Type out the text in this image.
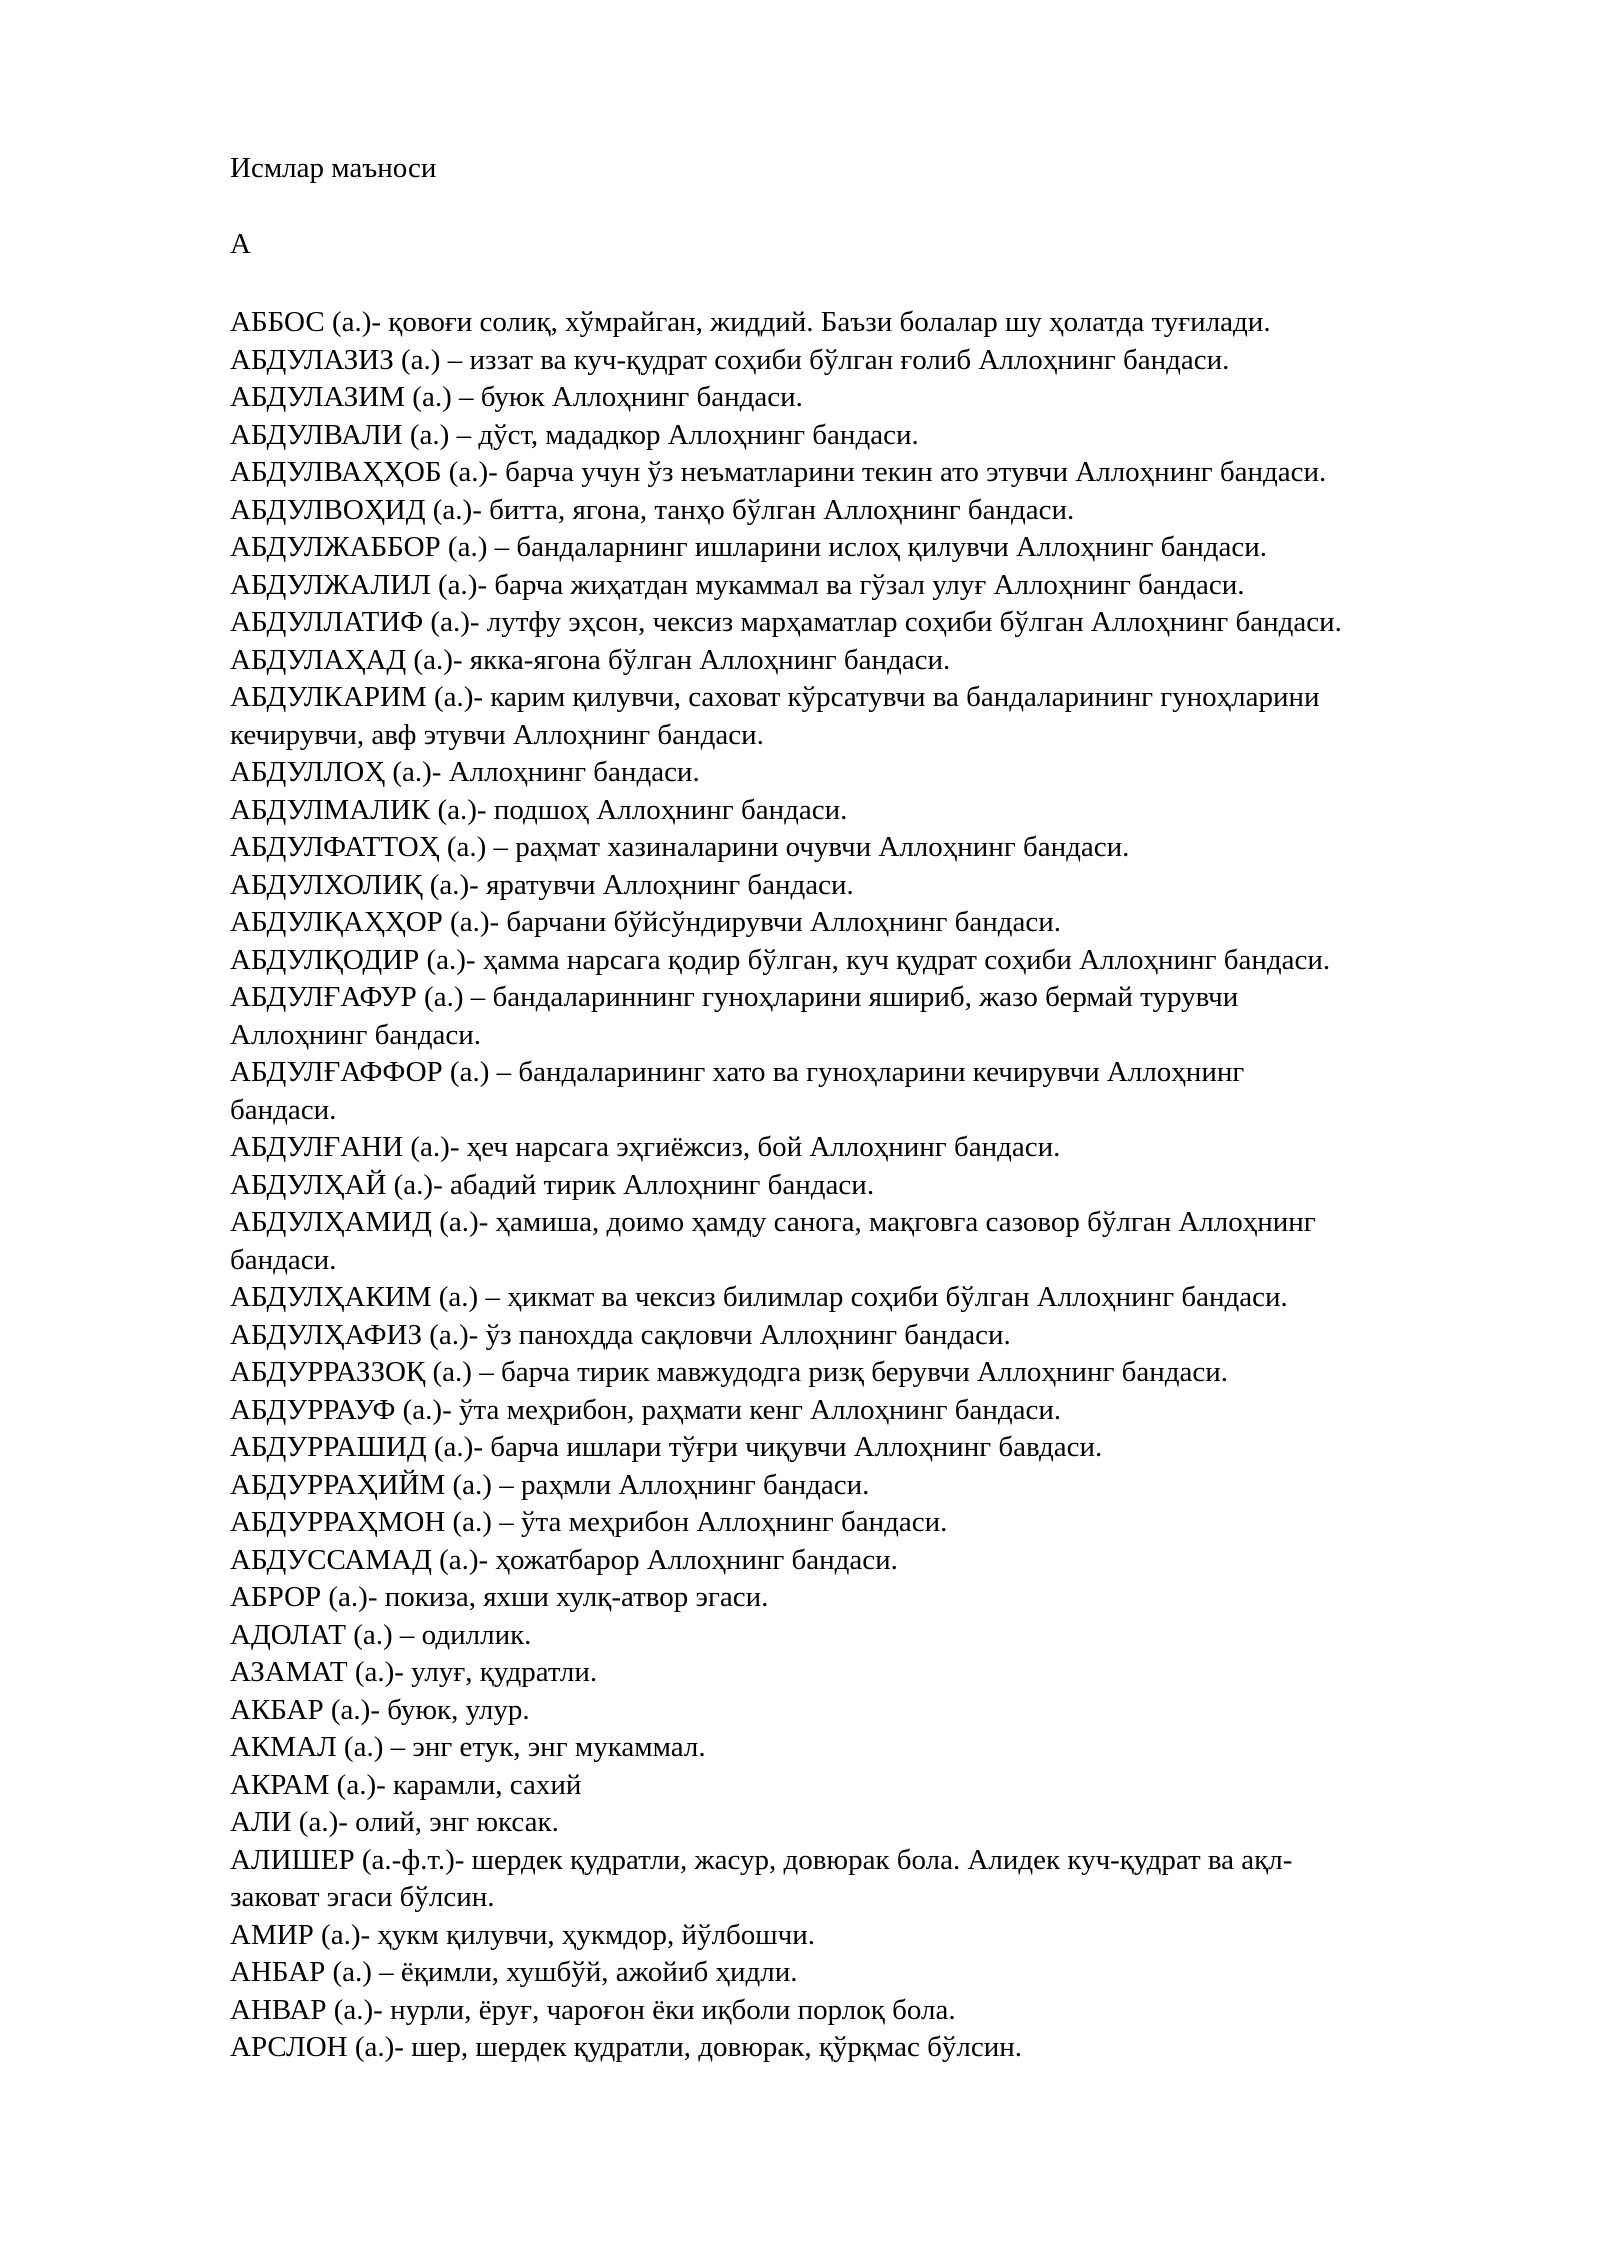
Исмлар маъноси
А
АББОС (а.)- қовоғи солиқ, хўмрайган, жиддий. Баъзи болалар шу ҳолатда туғилади.
АБДУЛАЗИЗ (а.) – иззат ва куч-қудрат соҳиби бўлган ғолиб Аллоҳнинг бандаси.
АБДУЛАЗИМ (а.) – буюк Аллоҳнинг бандаси.
АБДУЛВАЛИ (а.) – дўст, мададкор Аллоҳнинг бандаси.
АБДУЛВАҲҲОБ (а.)- барча учун ўз неъматларини текин ато этувчи Аллоҳнинг бандаси.
АБДУЛВОҲИД (а.)- битта, ягона, танҳо бўлган Аллоҳнинг бандаси.
АБДУЛЖАББОР (а.) – бандаларнинг ишларини ислоҳ қилувчи Аллоҳнинг бандаси.
АБДУЛЖАЛИЛ (а.)- барча жиҳатдан мукаммал ва гўзал улуғ Аллоҳнинг бандаси.
АБДУЛЛАТИФ (а.)- лутфу эҳсон, чексиз марҳаматлар соҳиби бўлган Аллоҳнинг бандаси.
АБДУЛАҲАД (а.)- якка-ягона бўлган Аллоҳнинг бандаси.
АБДУЛКАРИМ (а.)- карим қилувчи, саховат кўрсатувчи ва бандаларининг гуноҳларини
кечирувчи, авф этувчи Аллоҳнинг бандаси.
АБДУЛЛОҲ (а.)- Аллоҳнинг бандаси.
АБДУЛМАЛИК (а.)- подшоҳ Аллоҳнинг бандаси.
АБДУЛФАТТОҲ (а.) – раҳмат хазиналарини очувчи Аллоҳнинг бандаси.
АБДУЛХОЛИҚ (а.)- яратувчи Аллоҳнинг бандаси.
АБДУЛҚАҲҲОР (а.)- барчани бўйсўндирувчи Аллоҳнинг бандаси.
АБДУЛҚОДИР (а.)- ҳамма нарсага қодир бўлган, куч қудрат соҳиби Аллоҳнинг бандаси.
АБДУЛҒАФУР (а.) – бандалариннинг гуноҳларини яшириб, жазо бермай турувчи
Аллоҳнинг бандаси.
АБДУЛҒАФФОР (а.) – бандаларининг хато ва гуноҳларини кечирувчи Аллоҳнинг
бандаси.
АБДУЛҒАНИ (а.)- ҳеч нарсага эҳгиёжсиз, бой Аллоҳнинг бандаси.
АБДУЛҲАЙ (а.)- абадий тирик Аллоҳнинг бандаси.
АБДУЛҲАМИД (а.)- ҳамиша, доимо ҳамду санога, мақговга сазовор бўлган Аллоҳнинг
бандаси.
АБДУЛҲАКИМ (а.) – ҳикмат ва чексиз билимлар соҳиби бўлган Аллоҳнинг бандаси.
АБДУЛҲАФИЗ (а.)- ўз панохдда сақловчи Аллоҳнинг бандаси.
АБДУРРАЗЗОҚ (а.) – барча тирик мавжудодга ризқ берувчи Аллоҳнинг бандаси.
АБДУРРАУФ (а.)- ўта меҳрибон, раҳмати кенг Аллоҳнинг бандаси.
АБДУРРАШИД (а.)- барча ишлари тўғри чиқувчи Аллоҳнинг бавдаси.
АБДУРРАҲИЙМ (а.) – раҳмли Аллоҳнинг бандаси.
АБДУРРАҲМОН (а.) – ўта меҳрибон Аллоҳнинг бандаси.
АБДУССАМАД (а.)- ҳожатбарор Аллоҳнинг бандаси.
АБРОР (а.)- покиза, яхши хулқ-атвор эгаси.
АДОЛАТ (а.) – одиллик.
АЗАМАТ (а.)- улуғ, қудратли.
АКБАР (а.)- буюк, улур.
АКМАЛ (а.) – энг етук, энг мукаммал.
АКРАМ (а.)- карамли, сахий
АЛИ (а.)- олий, энг юксак.
АЛИШЕР (а.-ф.т.)- шердек қудратли, жасур, довюрак бола. Алидек куч-қудрат ва ақл-
заковат эгаси бўлсин.
АМИР (а.)- ҳукм қилувчи, ҳукмдор, йўлбошчи.
АНБАР (а.) – ёқимли, хушбўй, ажойиб ҳидли.
АНВАР (а.)- нурли, ёруғ, чароғон ёки иқболи порлоқ бола.
АРСЛОН (а.)- шер, шердек қудратли, довюрак, қўрқмас бўлсин.
